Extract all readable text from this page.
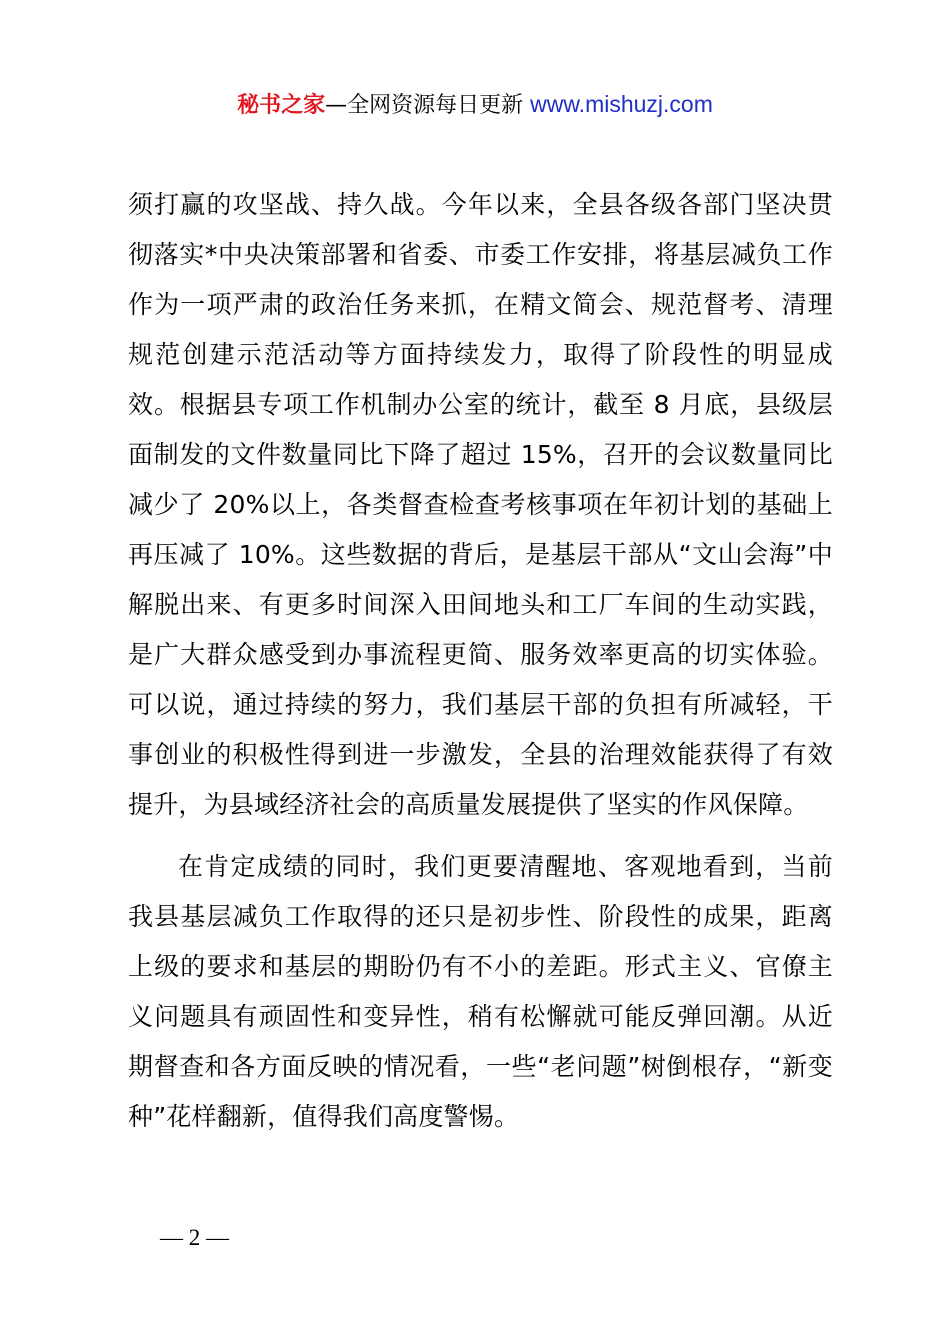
秘书之家—全网资源每日更新 www.mishuzj.com

须打赢的攻坚战、持久战。今年以来，全县各级各部门坚决贯彻落实*中央决策部署和省委、市委工作安排，将基层减负工作作为一项严肃的政治任务来抓，在精文简会、规范督考、清理规范创建示范活动等方面持续发力，取得了阶段性的明显成效。根据县专项工作机制办公室的统计，截至 8 月底，县级层面制发的文件数量同比下降了超过 15%，召开的会议数量同比减少了 20%以上，各类督查检查考核事项在年初计划的基础上再压减了 10%。这些数据的背后，是基层干部从“文山会海”中解脱出来、有更多时间深入田间地头和工厂车间的生动实践，是广大群众感受到办事流程更简、服务效率更高的切实体验。可以说，通过持续的努力，我们基层干部的负担有所减轻，干事创业的积极性得到进一步激发，全县的治理效能获得了有效提升，为县域经济社会的高质量发展提供了坚实的作风保障。

在肯定成绩的同时，我们更要清醒地、客观地看到，当前我县基层减负工作取得的还只是初步性、阶段性的成果，距离上级的要求和基层的期盼仍有不小的差距。形式主义、官僚主义问题具有顽固性和变异性，稍有松懈就可能反弹回潮。从近期督查和各方面反映的情况看，一些“老问题”树倒根存，“新变种”花样翻新，值得我们高度警惕。

— 2 —
